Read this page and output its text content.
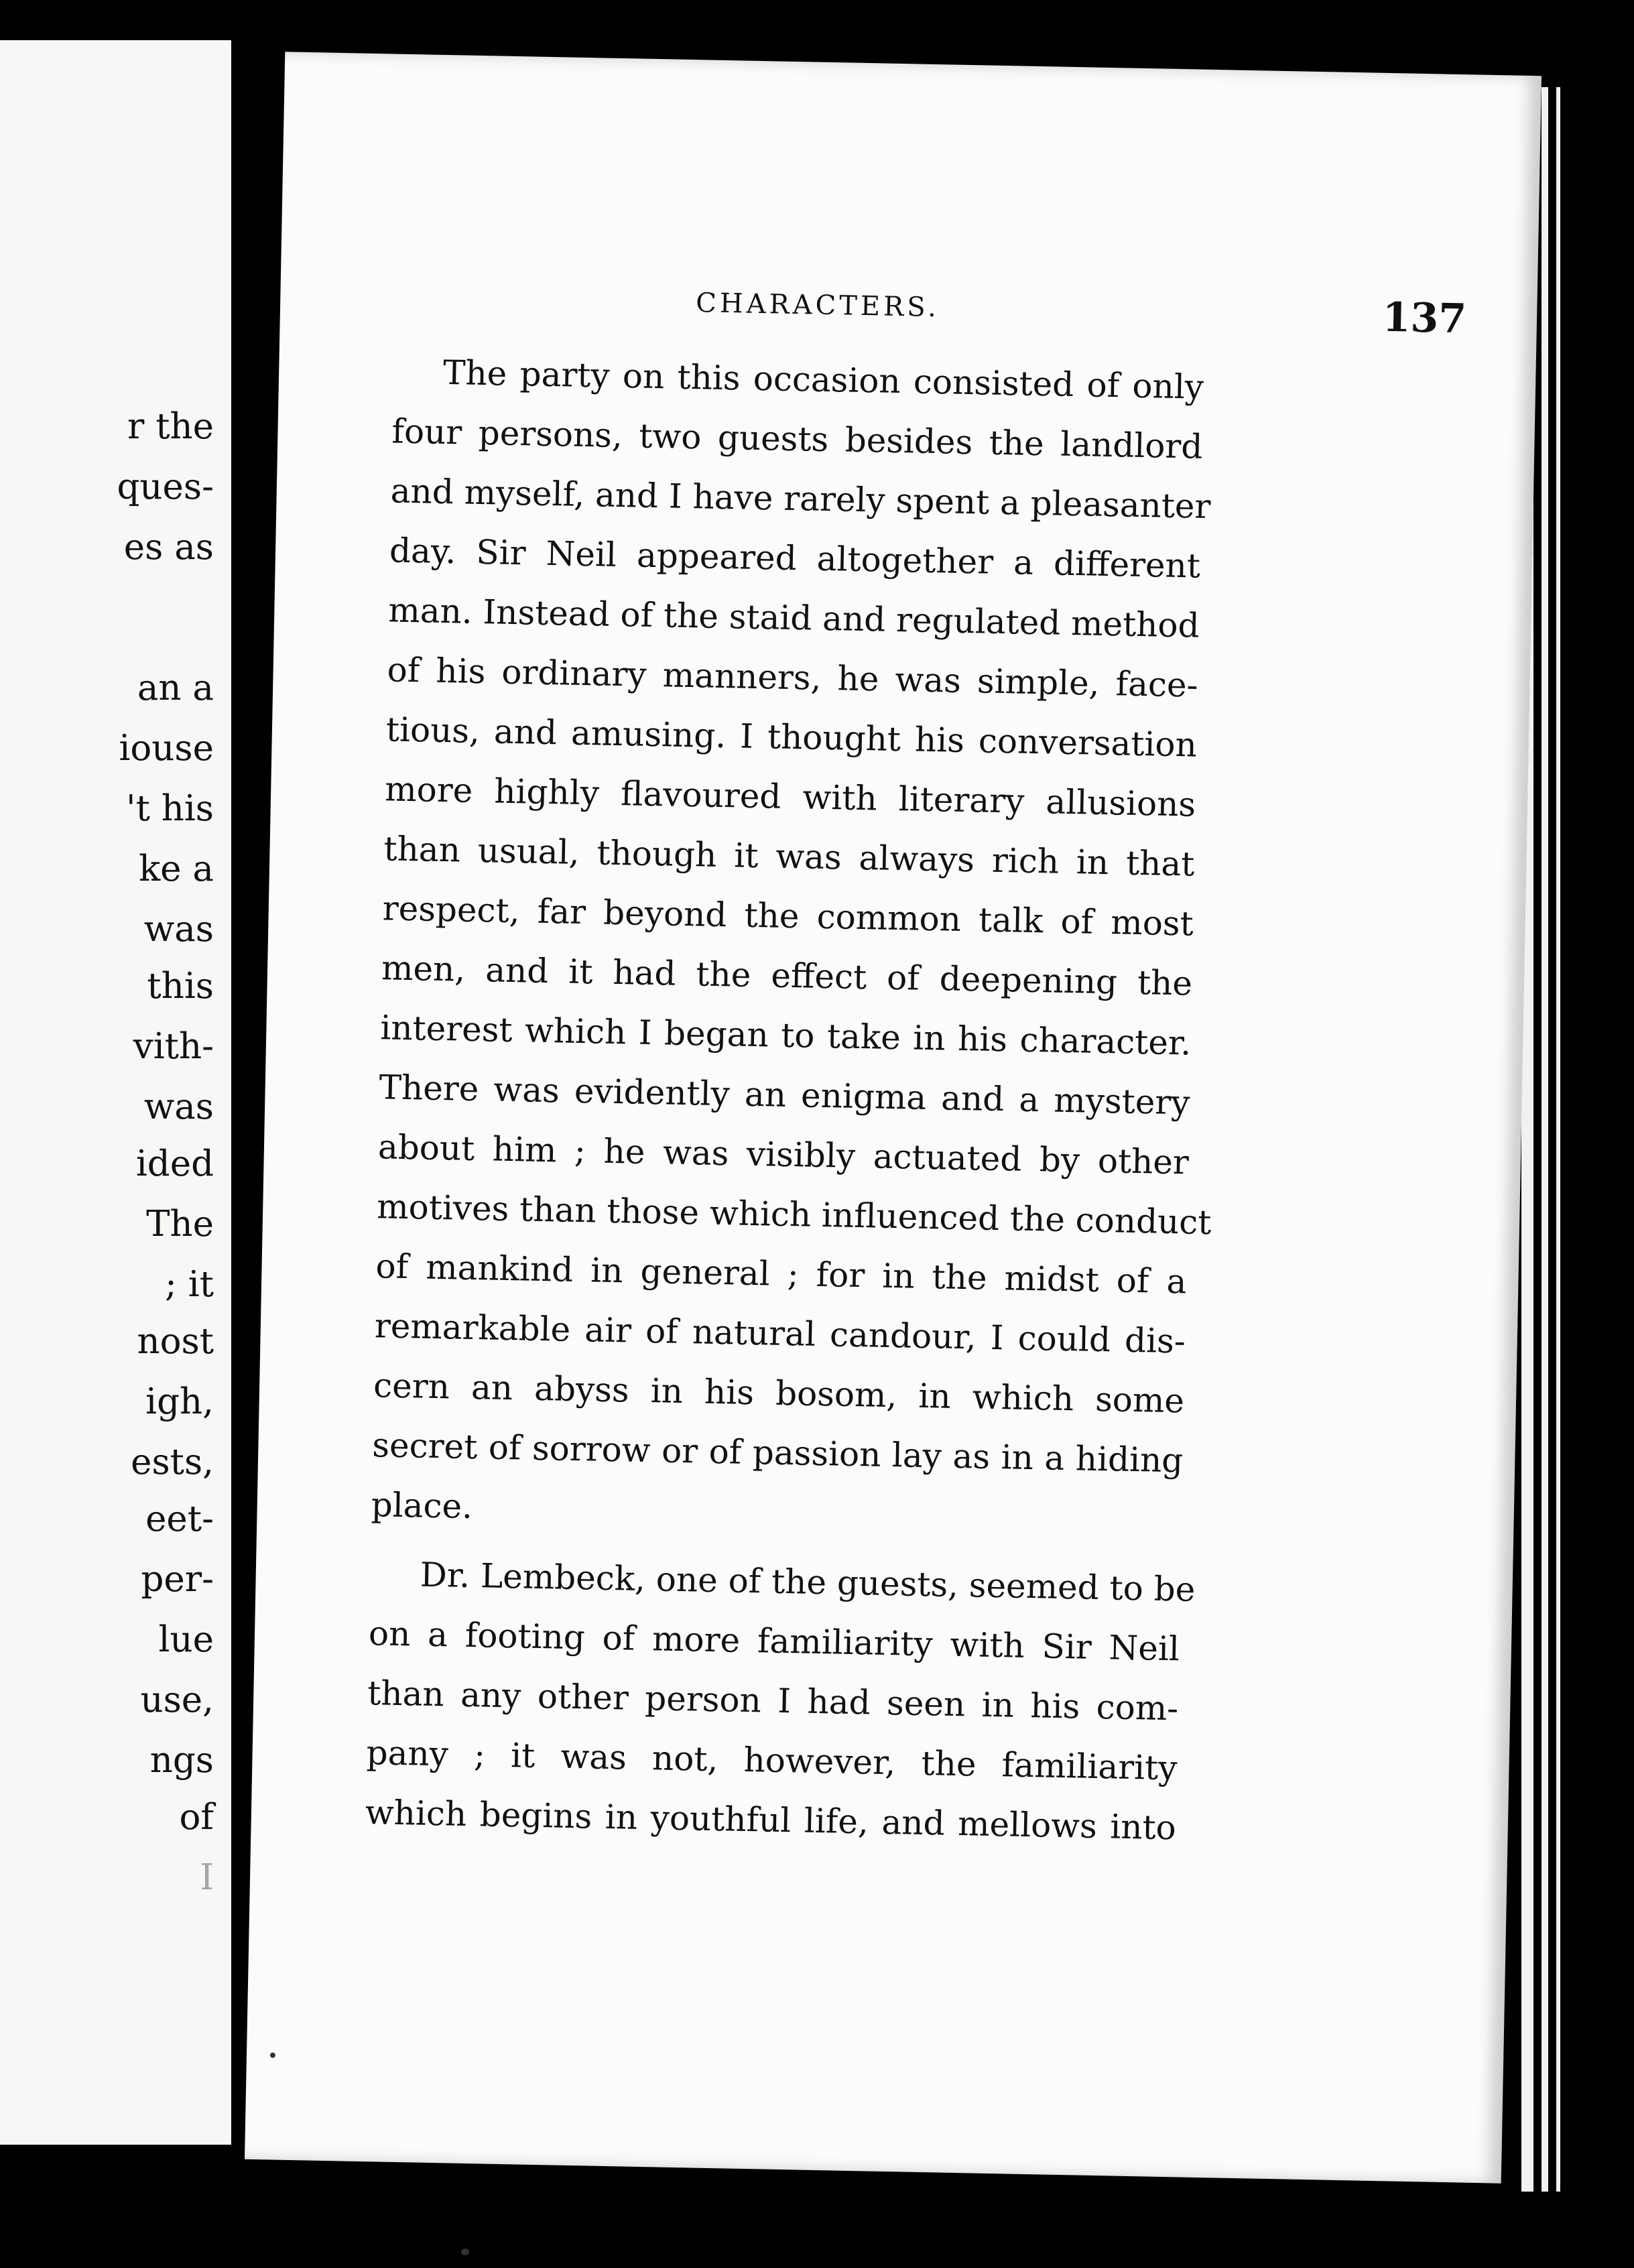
r the
ques-
es as
an a
iouse
't his
ke a
was
this
vith-
was
ided
The
; it
nost
igh,
ests,
eet-
per-
lue
use,
ngs
of
I
CHARACTERS.	137
The party on this occasion consisted of only
four persons, two guests besides the landlord
and myself, and I have rarely spent a pleasanter
day. Sir Neil appeared altogether a different
man. Instead of the staid and regulated method
of his ordinary manners, he was simple, face-
tious, and amusing. I thought his conversation
more highly flavoured with literary allusions
than usual, though it was always rich in that
respect, far beyond the common talk of most
men, and it had the effect of deepening the
interest which I began to take in his character.
There was evidently an enigma and a mystery
about him ; he was visibly actuated by other
motives than those which influenced the conduct
of mankind in general ; for in the midst of a
remarkable air of natural candour, I could dis-
cern an abyss in his bosom, in which some
secret of sorrow or of passion lay as in a hiding
place.
Dr. Lembeck, one of the guests, seemed to be
on a footing of more familiarity with Sir Neil
than any other person I had seen in his com-
pany ; it was not, however, the familiarity
which begins in youthful life, and mellows into
